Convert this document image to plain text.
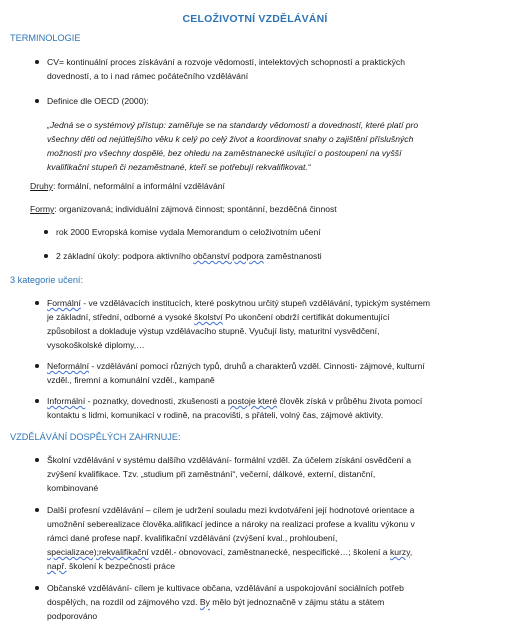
CELOŽIVOTNÍ VZDĚLÁVÁNÍ
TERMINOLOGIE
CV= kontinuální proces získávání a rozvoje vědomostí, intelektových schopností a praktických
dovedností, a to i nad rámec počátečního vzdělávání
Definice dle OECD (2000):
„Jedná se o systémový přístup: zaměřuje se na standardy vědomostí a dovedností, které platí pro
všechny děti od nejútlejšího věku k celý po celý život a koordinovat snahy o zajištění příslušných
možností pro všechny dospělé, bez ohledu na zaměstnanecké usilující o postoupení na vyšší
kvalifikační stupeň či nezaměstnané, kteří se potřebují rekvalifikovat.“
Druhy: formální, neformální a informální vzdělávání
Formy: organizovaná; individuální zájmová činnost; spontánní, bezděčná činnost
rok 2000 Evropská komise vydala Memorandum o celoživotním učení
2 základní úkoly: podpora aktivního občanství podpora zaměstnanosti
3 kategorie učení:
Formální - ve vzdělávacích institucích, které poskytnou určitý stupeň vzdělávání, typickým systémem
je základní, střední, odborné a vysoké školství Po ukončení obdrží certifikát dokumentující
způsobilost a dokladuje výstup vzdělávacího stupně. Vyučují listy, maturitní vysvědčení,
vysokoškolské diplomy,…
Neformální - vzdělávání pomocí různých typů, druhů a charakterů vzděl. Cinnosti- zájmové, kulturní
vzděl., firemní a komunální vzděl., kampaně
Informální - poznatky, dovednosti, zkušenosti a postoje které člověk získá v průběhu života pomocí
kontaktu s lidmi, komunikací v rodině, na pracovišti, s přáteli, volný čas, zájmové aktivity.
VZDĚLÁVÁNÍ DOSPĚLÝCH ZAHRNUJE:
Školní vzdělávání v systému dalšího vzdělávání- formální vzděl. Za účelem získání osvědčení a
zvýšení kvalifikace. Tzv. „studium při zaměstnání“, večerní, dálkové, externí, distanční,
kombinované
Další profesní vzdělávání – cílem je udržení souladu mezi kvdotváření její hodnotové orientace a
umožnění seberealizace člověka.alifikací jedince a nároky na realizaci profese a kvalitu výkonu v
rámci dané profese např. kvalifikační vzdělávání (zvýšení kval., prohloubení,
specializace);rekvalifikační vzděl.- obnovovací, zaměstnanecké, nespecifické…; školení a kurzy,
např. školení k bezpečnosti práce
Občanské vzdělávání- cílem je kultivace občana, vzdělávání a uspokojování sociálních potřeb
dospělých, na rozdíl od zájmového vzd. By mělo být jednoznačně v zájmu státu a státem
podporováno
